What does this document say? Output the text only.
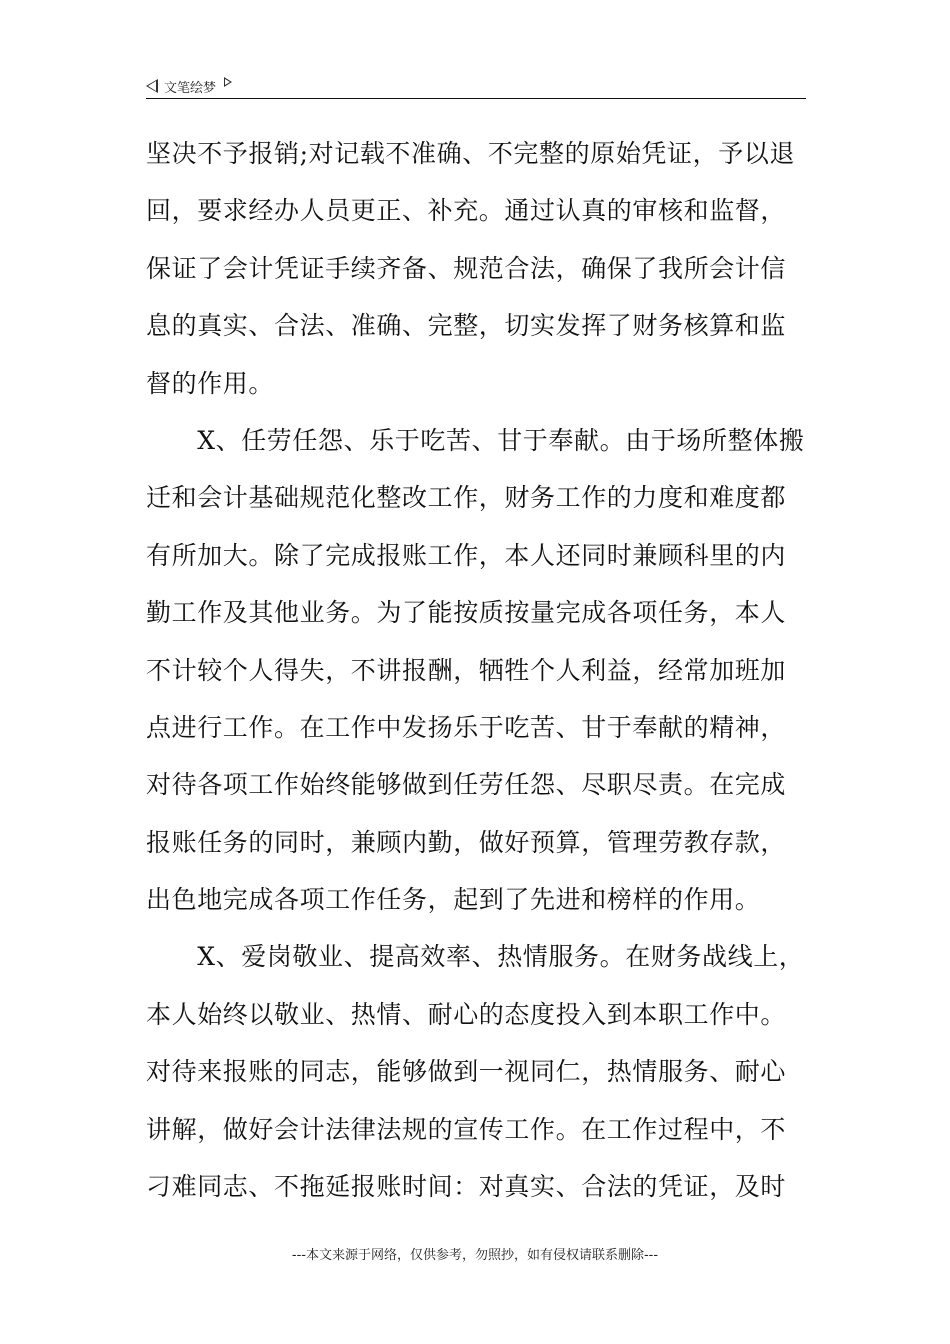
文笔绘梦
坚决不予报销;对记载不准确、不完整的原始凭证，予以退
回，要求经办人员更正、补充。通过认真的审核和监督，
保证了会计凭证手续齐备、规范合法，确保了我所会计信
息的真实、合法、准确、完整，切实发挥了财务核算和监
督的作用。
　　X、任劳任怨、乐于吃苦、甘于奉献。由于场所整体搬
迁和会计基础规范化整改工作，财务工作的力度和难度都
有所加大。除了完成报账工作，本人还同时兼顾科里的内
勤工作及其他业务。为了能按质按量完成各项任务，本人
不计较个人得失，不讲报酬，牺牲个人利益，经常加班加
点进行工作。在工作中发扬乐于吃苦、甘于奉献的精神，
对待各项工作始终能够做到任劳任怨、尽职尽责。在完成
报账任务的同时，兼顾内勤，做好预算，管理劳教存款，
出色地完成各项工作任务，起到了先进和榜样的作用。
　　X、爱岗敬业、提高效率、热情服务。在财务战线上，
本人始终以敬业、热情、耐心的态度投入到本职工作中。
对待来报账的同志，能够做到一视同仁，热情服务、耐心
讲解，做好会计法律法规的宣传工作。在工作过程中，不
刁难同志、不拖延报账时间：对真实、合法的凭证，及时
---本文来源于网络，仅供参考，勿照抄，如有侵权请联系删除---
